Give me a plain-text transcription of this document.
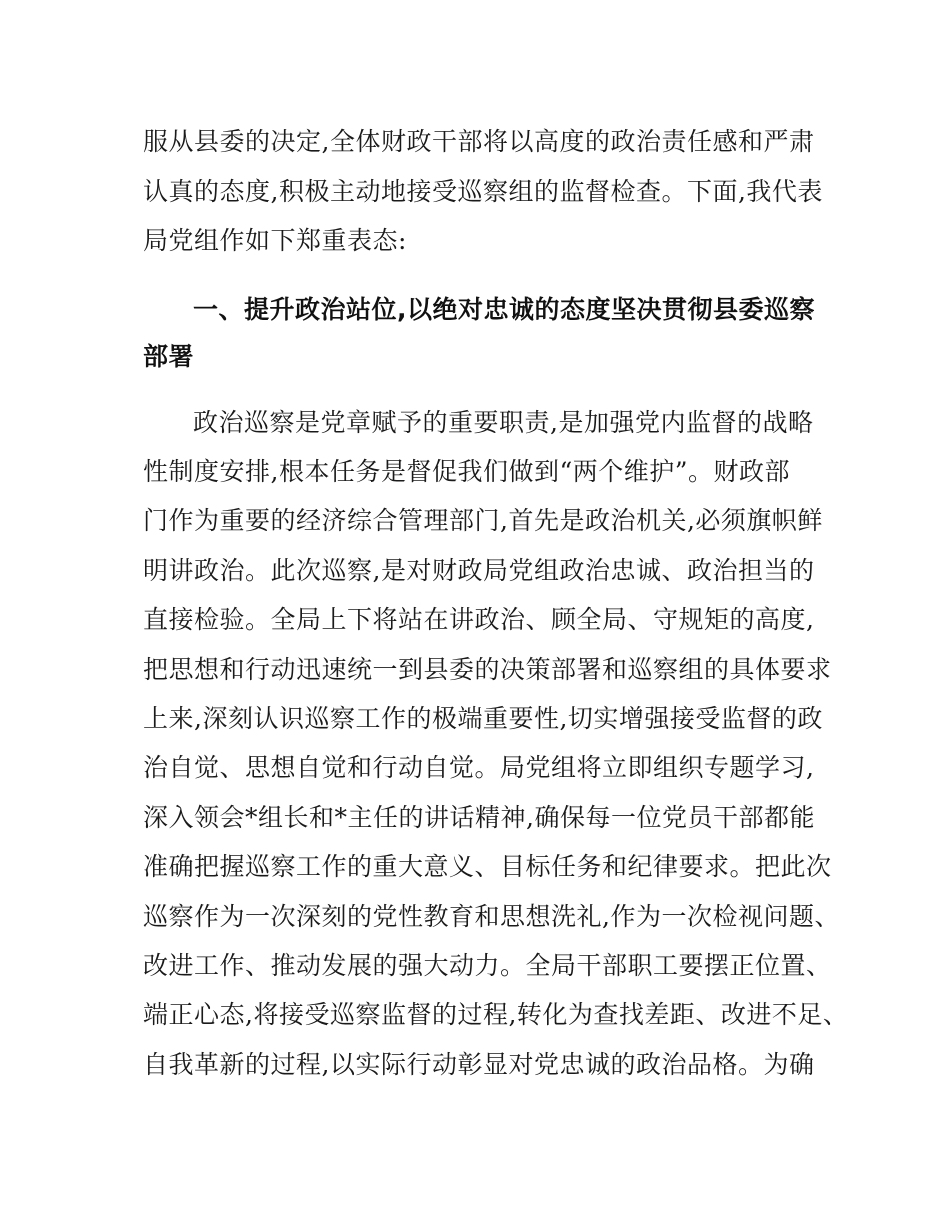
服从县委的决定,全体财政干部将以高度的政治责任感和严肃
认真的态度,积极主动地接受巡察组的监督检查。下面,我代表
局党组作如下郑重表态:
一、提升政治站位,以绝对忠诚的态度坚决贯彻县委巡察
部署
政治巡察是党章赋予的重要职责,是加强党内监督的战略
性制度安排,根本任务是督促我们做到“两个维护”。财政部
门作为重要的经济综合管理部门,首先是政治机关,必须旗帜鲜
明讲政治。此次巡察,是对财政局党组政治忠诚、政治担当的
直接检验。全局上下将站在讲政治、顾全局、守规矩的高度,
把思想和行动迅速统一到县委的决策部署和巡察组的具体要求
上来,深刻认识巡察工作的极端重要性,切实增强接受监督的政
治自觉、思想自觉和行动自觉。局党组将立即组织专题学习,
深入领会*组长和*主任的讲话精神,确保每一位党员干部都能
准确把握巡察工作的重大意义、目标任务和纪律要求。把此次
巡察作为一次深刻的党性教育和思想洗礼,作为一次检视问题、
改进工作、推动发展的强大动力。全局干部职工要摆正位置、
端正心态,将接受巡察监督的过程,转化为查找差距、改进不足、
自我革新的过程,以实际行动彰显对党忠诚的政治品格。为确
